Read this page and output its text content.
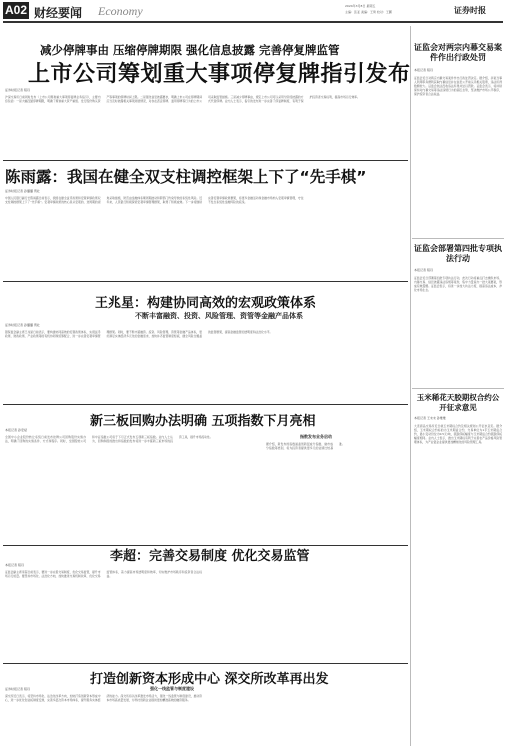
A02 财经要闻 Economy	2024年3月8日 星期五
主编：张亚 美编：王琦 校对：王鹏	证券时报
减少停牌事由 压缩停牌期限 强化信息披露 完善停复牌监管
上市公司筹划重大事项停复牌指引发布
证券时报记者 程丹
沪深交易所日前同时发布《上市公司筹划重大事项停复牌业务指引》，主要内容包括：一是大幅压缩停牌期限，明确了筹划重大资产重组、发行股份购买资产等事项的停牌时间上限。二是强化信息披露要求，明确上市公司在停牌期间应当及时披露相关事项进展情况，对存在恶意停牌、滥用停牌等行为的上市公司采取监管措施。三是减少停牌事由，规定上市公司可以采用分阶段披露的方式代替停牌。业内人士表示，指引的发布进一步完善了停复牌制度，有利于保护投资者交易权利，提高市场运行效率。
证监会对两宗内幕交易案件作出行政处罚
本报记者 程丹
证监会近日对两宗内幕交易案件作出行政处罚决定。据介绍，涉案当事人利用职务便利获取内幕信息并在信息公开前买卖相关股票，违法所得数额较大。证监会依法没收违法所得并处以罚款。证监会表示，将持续保持对内幕交易等违法违规行为的高压态势，坚决维护市场公平秩序，保护投资者合法权益。
陈雨露：我国在健全双支柱调控框架上下了“先手棋”
证券时报记者 孙璐璐 贾壮
中国人民银行副行长陈雨露日前表示，我国在健全货币政策和宏观审慎政策双支柱调控框架上下了“先手棋”。宏观审慎政策的核心是从宏观的、逆周期的视角采取措施，防范由金融体系顺周期波动和跨部门传染导致的系统性风险。近年来，人民银行积极探索宏观审慎管理框架，取得了积极成效。下一步将继续完善宏观审慎政策框架，将更多金融活动和金融市场纳入宏观审慎管理，守住不发生系统性金融风险的底线。
证监会部署第四批专项执法行动
本报记者 程丹
证监会近日部署第四批专项执法行动，此次行动将重点打击操纵市场、内幕交易、信息披露违法违规等案件，集中力量查办一批大案要案，形成有效震慑。证监会表示，将进一步加大执法力度，提高违法成本，净化市场生态。
王兆星：构建协同高效的宏观政策体系
不断丰富融资、投资、风险管理、资管等金融产品体系
证券时报记者 孙璐璐 贾壮
银保监会副主席王兆星日前表示，要构建协同高效的宏观政策体系，实现货币政策、财政政策、产业政策等的有机协同和统筹配合，进一步完善宏观审慎管理框架。同时，要不断丰富融资、投资、风险管理、资管等金融产品体系，更好满足实体经济多元化的金融需求，加快补齐监管制度短板，健全风险全覆盖的监管框架，提高金融监管的透明度和法治化水平。
玉米稀花天胶期权合约公开征求意见
本报记者 王未未 孙维维
大连商品交易所近日就玉米期权合约及相关规则公开征求意见。据介绍，玉米期权合约标的为玉米期货合约，交易单位为1手玉米期货合约，最小变动价位为0.5元/吨，涨跌停板幅度与玉米期货合约涨跌停板幅度相同。业内人士表示，推出玉米期权有利于完善农产品价格风险管理体系，为产业链企业提供更加精细化的风险管理工具。
新三板回购办法明确 五项指数下月亮相
本报记者 孙宏斌
全国中小企业股份转让系统日前发布挂牌公司回购股份实施办法，明确了回购的实施条件、方式和程序。同时，全国股转公司和中证指数公司将于下月正式发布五项新三板指数。业内人士认为，回购制度的推出和指数的发布将进一步丰富新三板市场的投资工具，提升市场流动性。	指数发布业务启动
据介绍，新发布的指数涵盖创新层成分指数、做市成分指数等类别，将为投资者提供更多元的业绩比较基准。
李超：完善交易制度 优化交易监管
本报记者 程丹
证监会副主席李超日前表示，要进一步完善交易制度，优化交易监管，提升市场运行质量。要坚持市场化、法治化方向，加快推进交易机制改革，优化交易监管体系，着力提高市场透明度和效率，切实维护市场秩序和投资者合法权益。
打造创新资本形成中心 深交所改革再出发
证券时报记者 程丹	强化一线监管与制度建设
深交所近日表示，将坚持市场化、法治化改革方向，加快打造创新资本形成中心，进一步优化创业板制度安排，完善多层次资本市场体系，提升服务实体经济的能力。深交所将以改革激发市场活力，强化一线监管与制度建设，推动资本市场高质量发展，为科技创新企业提供更加精准高效的融资服务。
